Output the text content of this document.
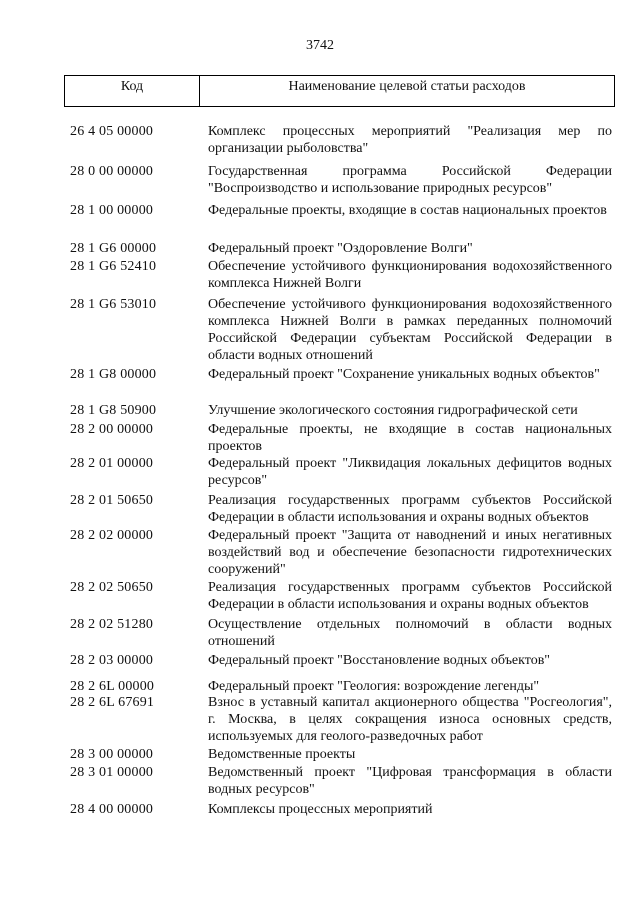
3742
Код	Наименование целевой статьи расходов
26 4 05 00000	Комплекс процессных мероприятий "Реализация мер по организации рыболовства"
28 0 00 00000	Государственная программа Российской Федерации "Воспроизводство и использование природных ресурсов"
28 1 00 00000	Федеральные проекты, входящие в состав национальных проектов
28 1 G6 00000	Федеральный проект "Оздоровление Волги"
28 1 G6 52410	Обеспечение устойчивого функционирования водохозяйственного комплекса Нижней Волги
28 1 G6 53010	Обеспечение устойчивого функционирования водохозяйственного комплекса Нижней Волги в рамках переданных полномочий Российской Федерации субъектам Российской Федерации в области водных отношений
28 1 G8 00000	Федеральный проект "Сохранение уникальных водных объектов"
28 1 G8 50900	Улучшение экологического состояния гидрографической сети
28 2 00 00000	Федеральные проекты, не входящие в состав национальных проектов
28 2 01 00000	Федеральный проект "Ликвидация локальных дефицитов водных ресурсов"
28 2 01 50650	Реализация государственных программ субъектов Российской Федерации в области использования и охраны водных объектов
28 2 02 00000	Федеральный проект "Защита от наводнений и иных негативных воздействий вод и обеспечение безопасности гидротехнических сооружений"
28 2 02 50650	Реализация государственных программ субъектов Российской Федерации в области использования и охраны водных объектов
28 2 02 51280	Осуществление отдельных полномочий в области водных отношений
28 2 03 00000	Федеральный проект "Восстановление водных объектов"
28 2 6L 00000	Федеральный проект "Геология: возрождение легенды"
28 2 6L 67691	Взнос в уставный капитал акционерного общества "Росгеология", г. Москва, в целях сокращения износа основных средств, используемых для геолого-разведочных работ
28 3 00 00000	Ведомственные проекты
28 3 01 00000	Ведомственный проект "Цифровая трансформация в области водных ресурсов"
28 4 00 00000	Комплексы процессных мероприятий
